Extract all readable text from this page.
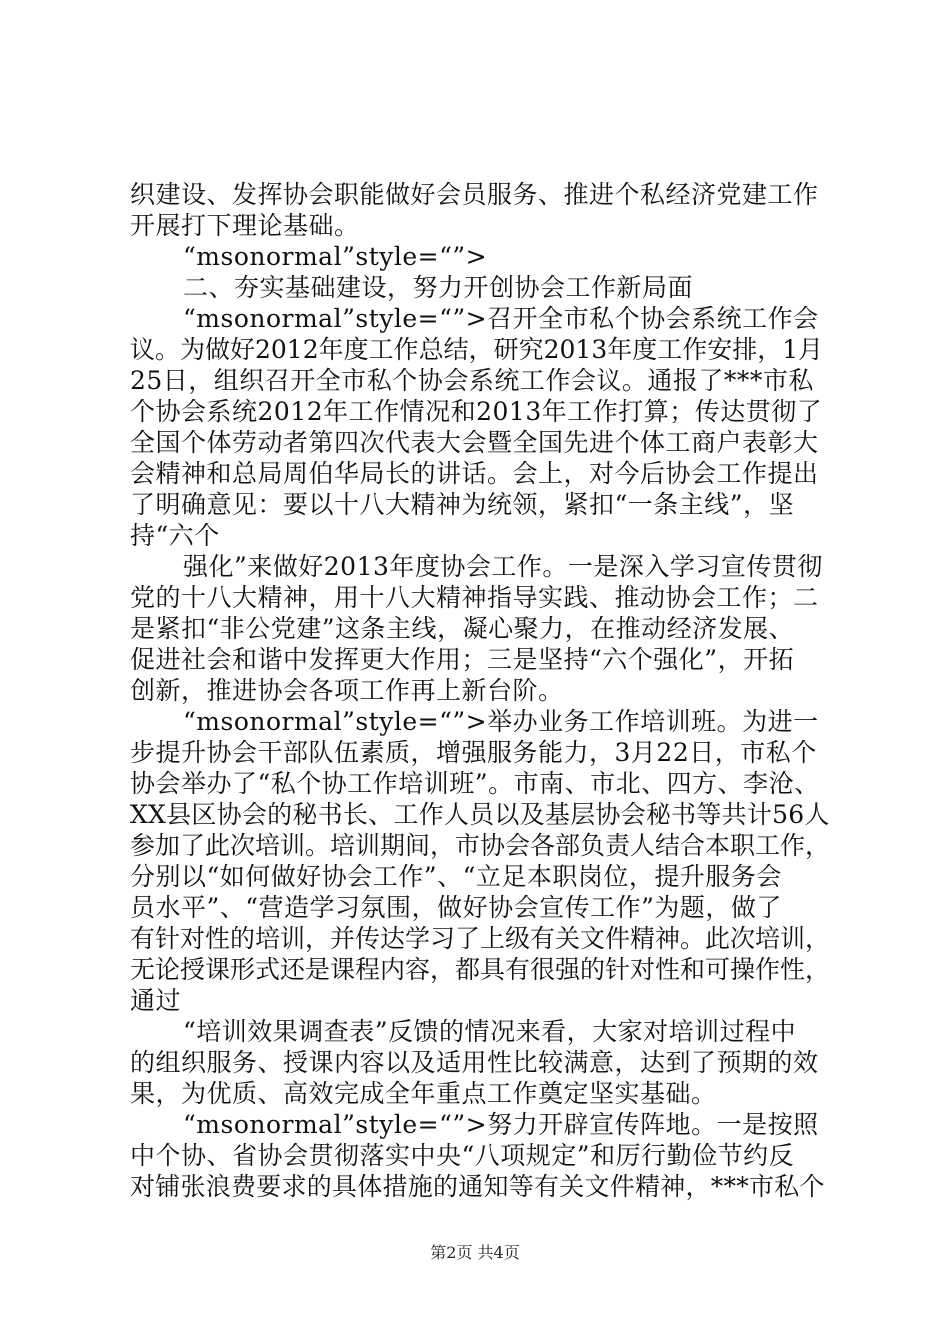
织建设、发挥协会职能做好会员服务、推进个私经济党建工作
开展打下理论基础。
“msonormal”style=“”>
二、夯实基础建设，努力开创协会工作新局面
“msonormal”style=“”>召开全市私个协会系统工作会
议。为做好2012年度工作总结，研究2013年度工作安排，1月
25日，组织召开全市私个协会系统工作会议。通报了***市私
个协会系统2012年工作情况和2013年工作打算；传达贯彻了
全国个体劳动者第四次代表大会暨全国先进个体工商户表彰大
会精神和总局周伯华局长的讲话。会上，对今后协会工作提出
了明确意见：要以十八大精神为统领，紧扣“一条主线”，坚
持“六个
强化”来做好2013年度协会工作。一是深入学习宣传贯彻
党的十八大精神，用十八大精神指导实践、推动协会工作；二
是紧扣“非公党建”这条主线，凝心聚力，在推动经济发展、
促进社会和谐中发挥更大作用；三是坚持“六个强化”，开拓
创新，推进协会各项工作再上新台阶。
“msonormal”style=“”>举办业务工作培训班。为进一
步提升协会干部队伍素质，增强服务能力，3月22日，市私个
协会举办了“私个协工作培训班”。市南、市北、四方、李沧、
XX县区协会的秘书长、工作人员以及基层协会秘书等共计56人
参加了此次培训。培训期间，市协会各部负责人结合本职工作，
分别以“如何做好协会工作”、“立足本职岗位，提升服务会
员水平”、“营造学习氛围，做好协会宣传工作”为题，做了
有针对性的培训，并传达学习了上级有关文件精神。此次培训，
无论授课形式还是课程内容，都具有很强的针对性和可操作性，
通过
“培训效果调查表”反馈的情况来看，大家对培训过程中
的组织服务、授课内容以及适用性比较满意，达到了预期的效
果，为优质、高效完成全年重点工作奠定坚实基础。
“msonormal”style=“”>努力开辟宣传阵地。一是按照
中个协、省协会贯彻落实中央“八项规定”和厉行勤俭节约反
对铺张浪费要求的具体措施的通知等有关文件精神，***市私个
第2页 共4页
